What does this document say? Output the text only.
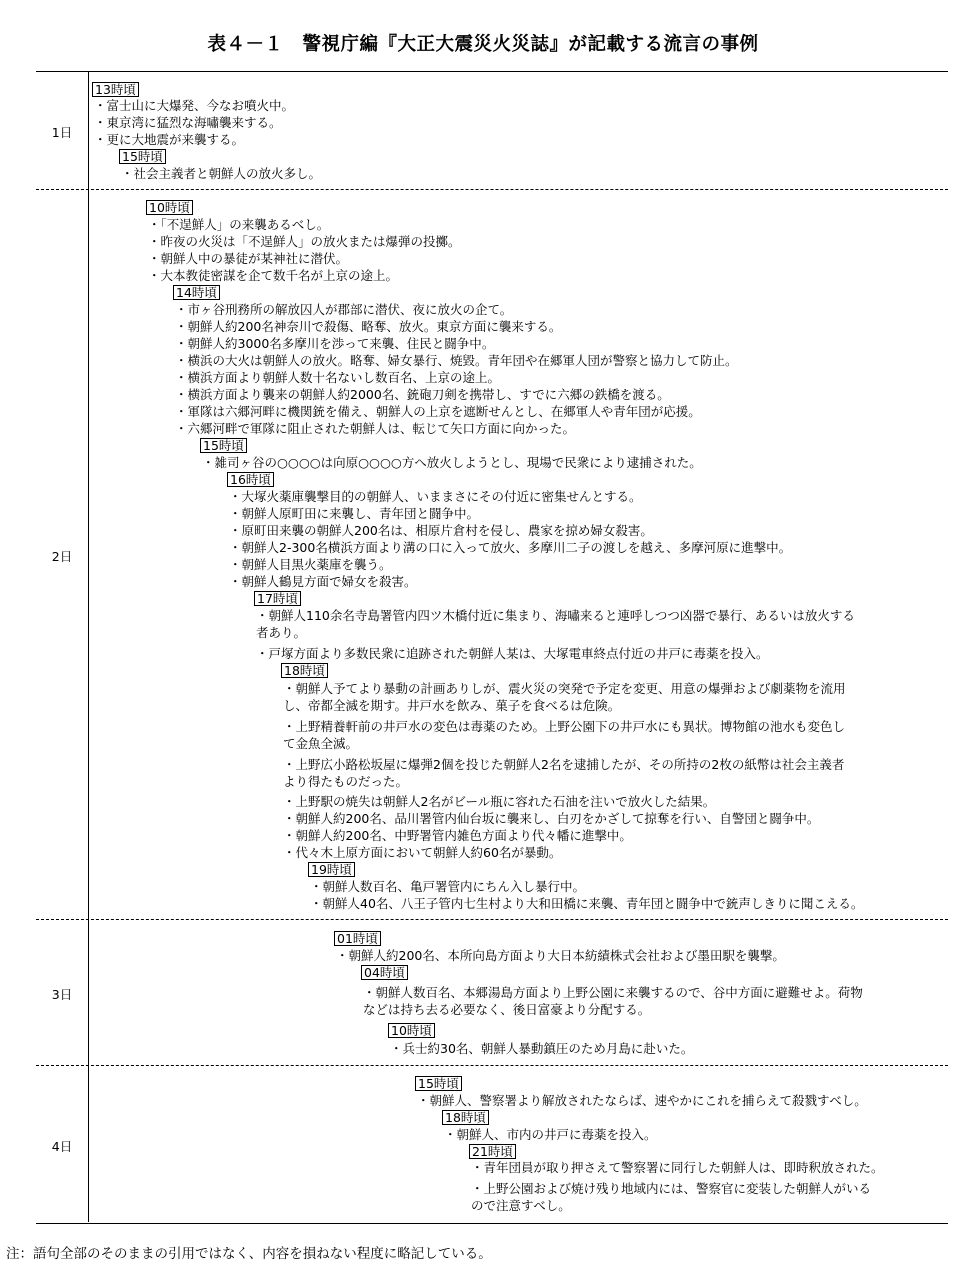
表４－１　警視庁編『大正大震災火災誌』が記載する流言の事例
1日
2日
3日
4日
13時頃
・富士山に大爆発、今なお噴火中。
・東京湾に猛烈な海嘯襲来する。
・更に大地震が来襲する。
15時頃
・社会主義者と朝鮮人の放火多し。
10時頃
・「不逞鮮人」の来襲あるべし。
・昨夜の火災は「不逞鮮人」の放火または爆弾の投擲。
・朝鮮人中の暴徒が某神社に潜伏。
・大本教徒密謀を企て数千名が上京の途上。
14時頃
・市ヶ谷刑務所の解放囚人が郡部に潜伏、夜に放火の企て。
・朝鮮人約200名神奈川で殺傷、略奪、放火。東京方面に襲来する。
・朝鮮人約3000名多摩川を渉って来襲、住民と闘争中。
・横浜の大火は朝鮮人の放火。略奪、婦女暴行、焼毀。青年団や在郷軍人団が警察と協力して防止。
・横浜方面より朝鮮人数十名ないし数百名、上京の途上。
・横浜方面より襲来の朝鮮人約2000名、銃砲刀剣を携帯し、すでに六郷の鉄橋を渡る。
・軍隊は六郷河畔に機関銃を備え、朝鮮人の上京を遮断せんとし、在郷軍人や青年団が応援。
・六郷河畔で軍隊に阻止された朝鮮人は、転じて矢口方面に向かった。
15時頃
・雑司ヶ谷の○○○○は向原○○○○方へ放火しようとし、現場で民衆により逮捕された。
16時頃
・大塚火薬庫襲撃目的の朝鮮人、いままさにその付近に密集せんとする。
・朝鮮人原町田に来襲し、青年団と闘争中。
・原町田来襲の朝鮮人200名は、相原片倉村を侵し、農家を掠め婦女殺害。
・朝鮮人2-300名横浜方面より溝の口に入って放火、多摩川二子の渡しを越え、多摩河原に進撃中。
・朝鮮人目黒火薬庫を襲う。
・朝鮮人鶴見方面で婦女を殺害。
17時頃
・朝鮮人110余名寺島署管内四ツ木橋付近に集まり、海嘯来ると連呼しつつ凶器で暴行、あるいは放火する
者あり。
・戸塚方面より多数民衆に追跡された朝鮮人某は、大塚電車終点付近の井戸に毒薬を投入。
18時頃
・朝鮮人予てより暴動の計画ありしが、震火災の突発で予定を変更、用意の爆弾および劇薬物を流用
し、帝都全滅を期す。井戸水を飲み、菓子を食べるは危険。
・上野精養軒前の井戸水の変色は毒薬のため。上野公園下の井戸水にも異状。博物館の池水も変色し
て金魚全滅。
・上野広小路松坂屋に爆弾2個を投じた朝鮮人2名を逮捕したが、その所持の2枚の紙幣は社会主義者
より得たものだった。
・上野駅の焼失は朝鮮人2名がビール瓶に容れた石油を注いで放火した結果。
・朝鮮人約200名、品川署管内仙台坂に襲来し、白刃をかざして掠奪を行い、自警団と闘争中。
・朝鮮人約200名、中野署管内雑色方面より代々幡に進撃中。
・代々木上原方面において朝鮮人約60名が暴動。
19時頃
・朝鮮人数百名、亀戸署管内にちん入し暴行中。
・朝鮮人40名、八王子管内七生村より大和田橋に来襲、青年団と闘争中で銃声しきりに聞こえる。
01時頃
・朝鮮人約200名、本所向島方面より大日本紡績株式会社および墨田駅を襲撃。
04時頃
・朝鮮人数百名、本郷湯島方面より上野公園に来襲するので、谷中方面に避難せよ。荷物
などは持ち去る必要なく、後日富豪より分配する。
10時頃
・兵士約30名、朝鮮人暴動鎮圧のため月島に赴いた。
15時頃
・朝鮮人、警察署より解放されたならば、速やかにこれを捕らえて殺戮すべし。
18時頃
・朝鮮人、市内の井戸に毒薬を投入。
21時頃
・青年団員が取り押さえて警察署に同行した朝鮮人は、即時釈放された。
・上野公園および焼け残り地域内には、警察官に変装した朝鮮人がいる
ので注意すべし。
注：語句全部のそのままの引用ではなく、内容を損ねない程度に略記している。
